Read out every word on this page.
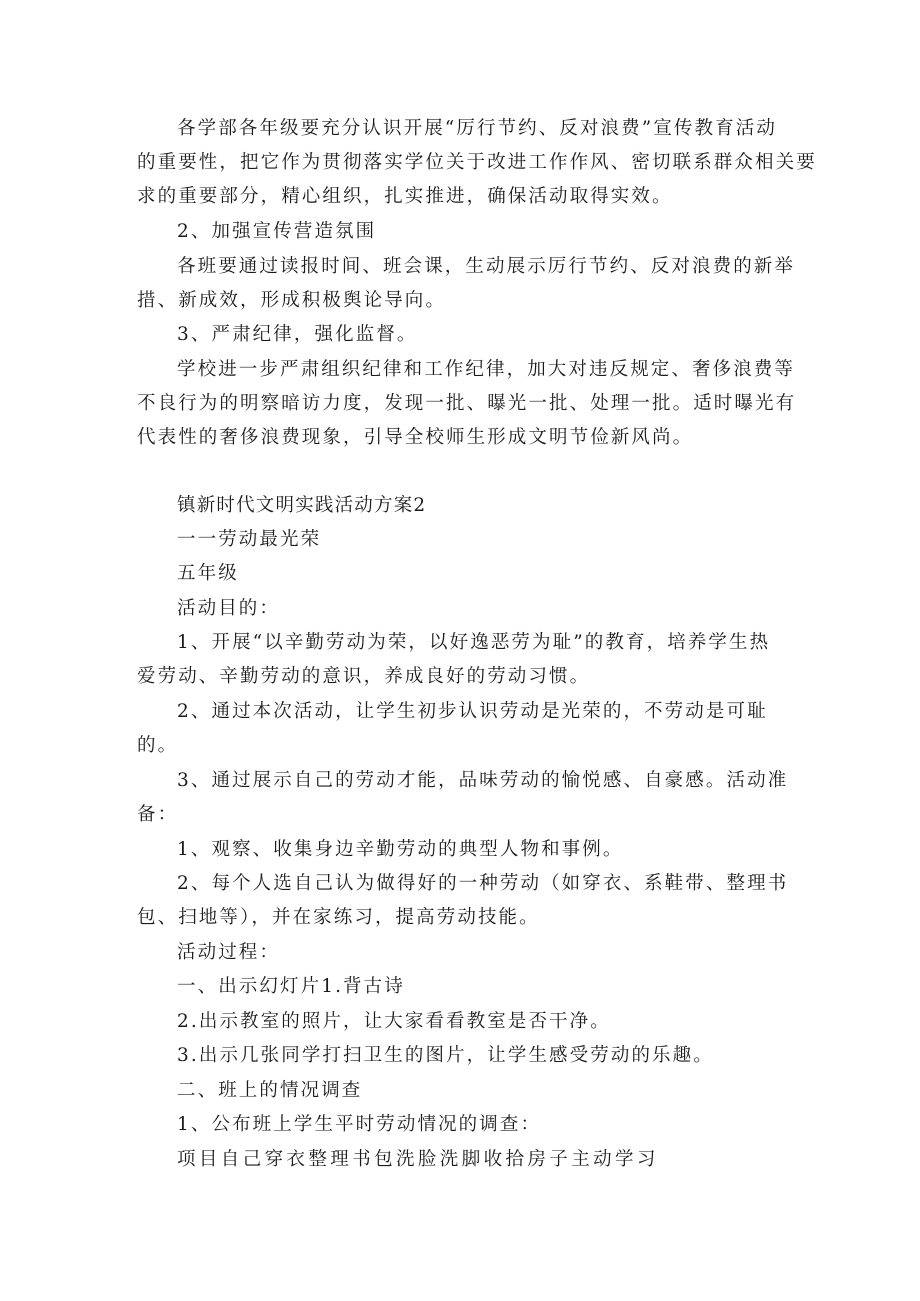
各学部各年级要充分认识开展“厉行节约、反对浪费”宣传教育活动
的重要性，把它作为贯彻落实学位关于改进工作作风、密切联系群众相关要
求的重要部分，精心组织，扎实推进，确保活动取得实效。
2、加强宣传营造氛围
各班要通过读报时间、班会课，生动展示厉行节约、反对浪费的新举
措、新成效，形成积极舆论导向。
3、严肃纪律，强化监督。
学校进一步严肃组织纪律和工作纪律，加大对违反规定、奢侈浪费等
不良行为的明察暗访力度，发现一批、曝光一批、处理一批。适时曝光有
代表性的奢侈浪费现象，引导全校师生形成文明节俭新风尚。
镇新时代文明实践活动方案2
一一劳动最光荣
五年级
活动目的：
1、开展“以辛勤劳动为荣，以好逸恶劳为耻”的教育，培养学生热
爱劳动、辛勤劳动的意识，养成良好的劳动习惯。
2、通过本次活动，让学生初步认识劳动是光荣的，不劳动是可耻
的。
3、通过展示自己的劳动才能，品味劳动的愉悦感、自豪感。活动准
备：
1、观察、收集身边辛勤劳动的典型人物和事例。
2、每个人选自己认为做得好的一种劳动（如穿衣、系鞋带、整理书
包、扫地等），并在家练习，提高劳动技能。
活动过程：
一、出示幻灯片1.背古诗
2.出示教室的照片，让大家看看教室是否干净。
3.出示几张同学打扫卫生的图片，让学生感受劳动的乐趣。
二、班上的情况调查
1、公布班上学生平时劳动情况的调查：
项目自己穿衣整理书包洗脸洗脚收拾房子主动学习
